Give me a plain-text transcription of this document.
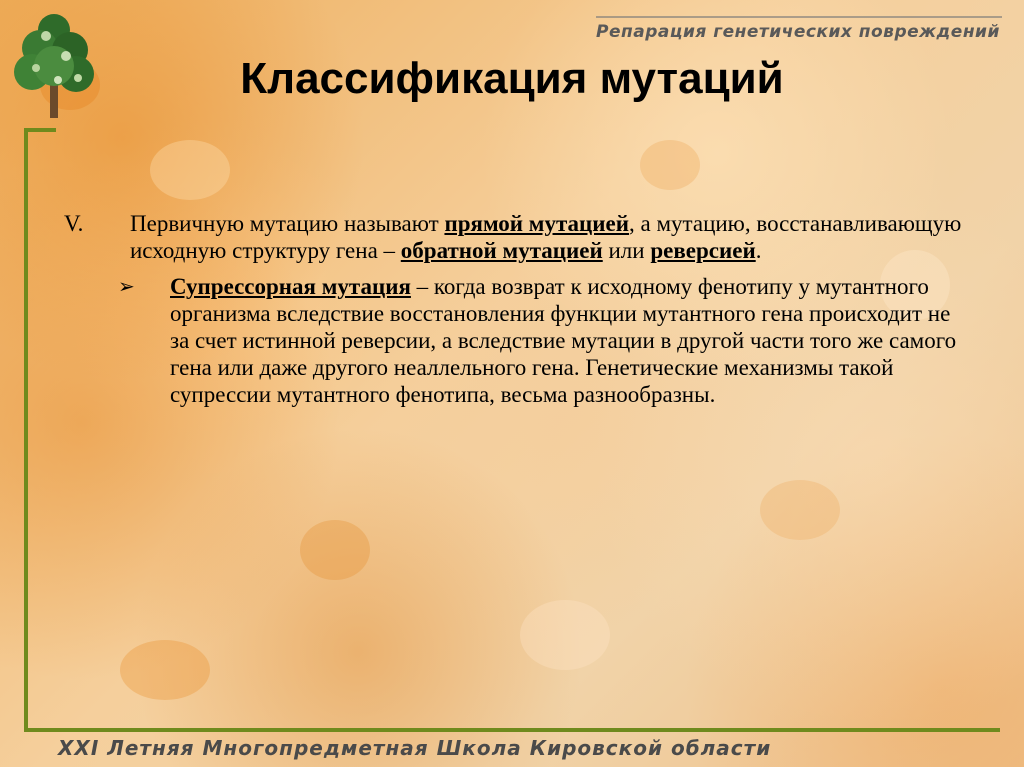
Репарация генетических повреждений
Классификация мутаций
V. Первичную мутацию называют прямой мутацией, а мутацию, восстанавливающую исходную структуру гена – обратной мутацией или реверсией.
➢ Супрессорная мутация – когда возврат к исходному фенотипу у мутантного организма вследствие восстановления функции мутантного гена происходит не за счет истинной реверсии, а вследствие мутации в другой части того же самого гена или даже другого неаллельного гена. Генетические механизмы такой супрессии мутантного фенотипа, весьма разнообразны.
XXI Летняя Многопредметная Школа Кировской области
